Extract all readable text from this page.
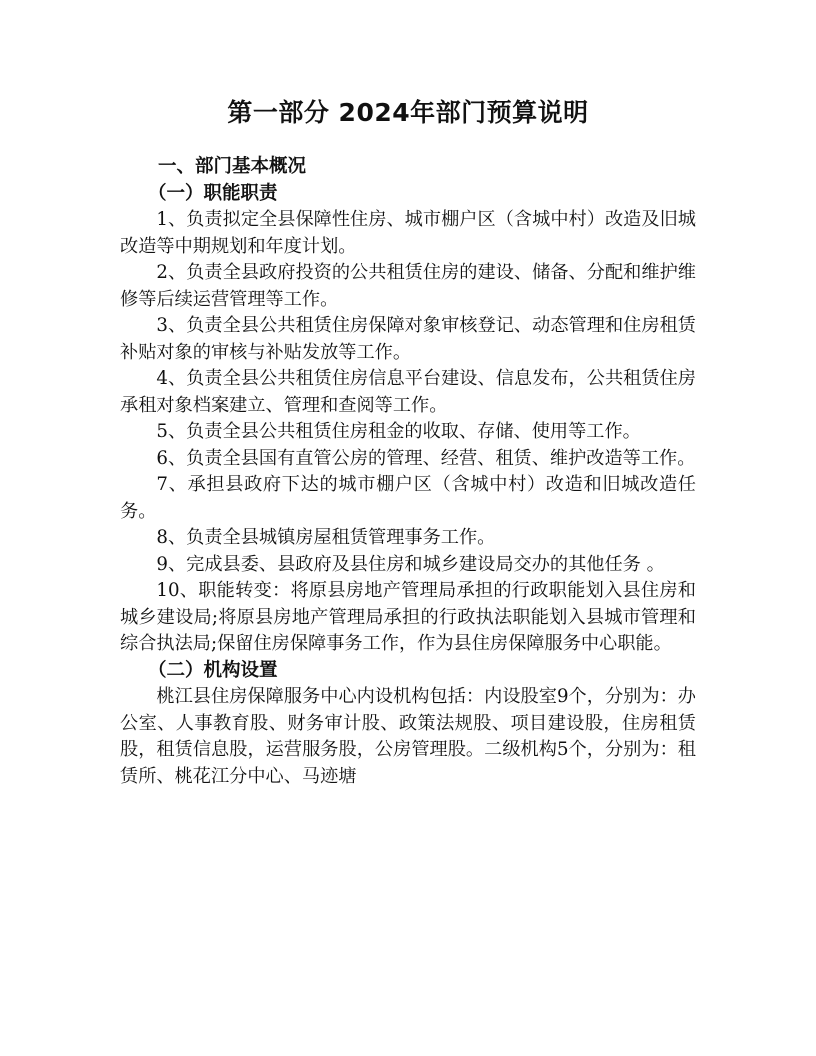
第一部分 2024年部门预算说明

一、部门基本概况

（一）职能职责

1、负责拟定全县保障性住房、城市棚户区（含城中村）改造及旧城改造等中期规划和年度计划。

2、负责全县政府投资的公共租赁住房的建设、储备、分配和维护维修等后续运营管理等工作。

3、负责全县公共租赁住房保障对象审核登记、动态管理和住房租赁补贴对象的审核与补贴发放等工作。

4、负责全县公共租赁住房信息平台建设、信息发布，公共租赁住房承租对象档案建立、管理和查阅等工作。

5、负责全县公共租赁住房租金的收取、存储、使用等工作。

6、负责全县国有直管公房的管理、经营、租赁、维护改造等工作。

7、承担县政府下达的城市棚户区（含城中村）改造和旧城改造任务。

8、负责全县城镇房屋租赁管理事务工作。

9、完成县委、县政府及县住房和城乡建设局交办的其他任务 。

10、职能转变：将原县房地产管理局承担的行政职能划入县住房和城乡建设局;将原县房地产管理局承担的行政执法职能划入县城市管理和综合执法局;保留住房保障事务工作，作为县住房保障服务中心职能。

（二）机构设置

桃江县住房保障服务中心内设机构包括：内设股室9个，分别为：办公室、人事教育股、财务审计股、政策法规股、项目建设股，住房租赁股，租赁信息股，运营服务股，公房管理股。二级机构5个，分别为：租赁所、桃花江分中心、马迹塘
